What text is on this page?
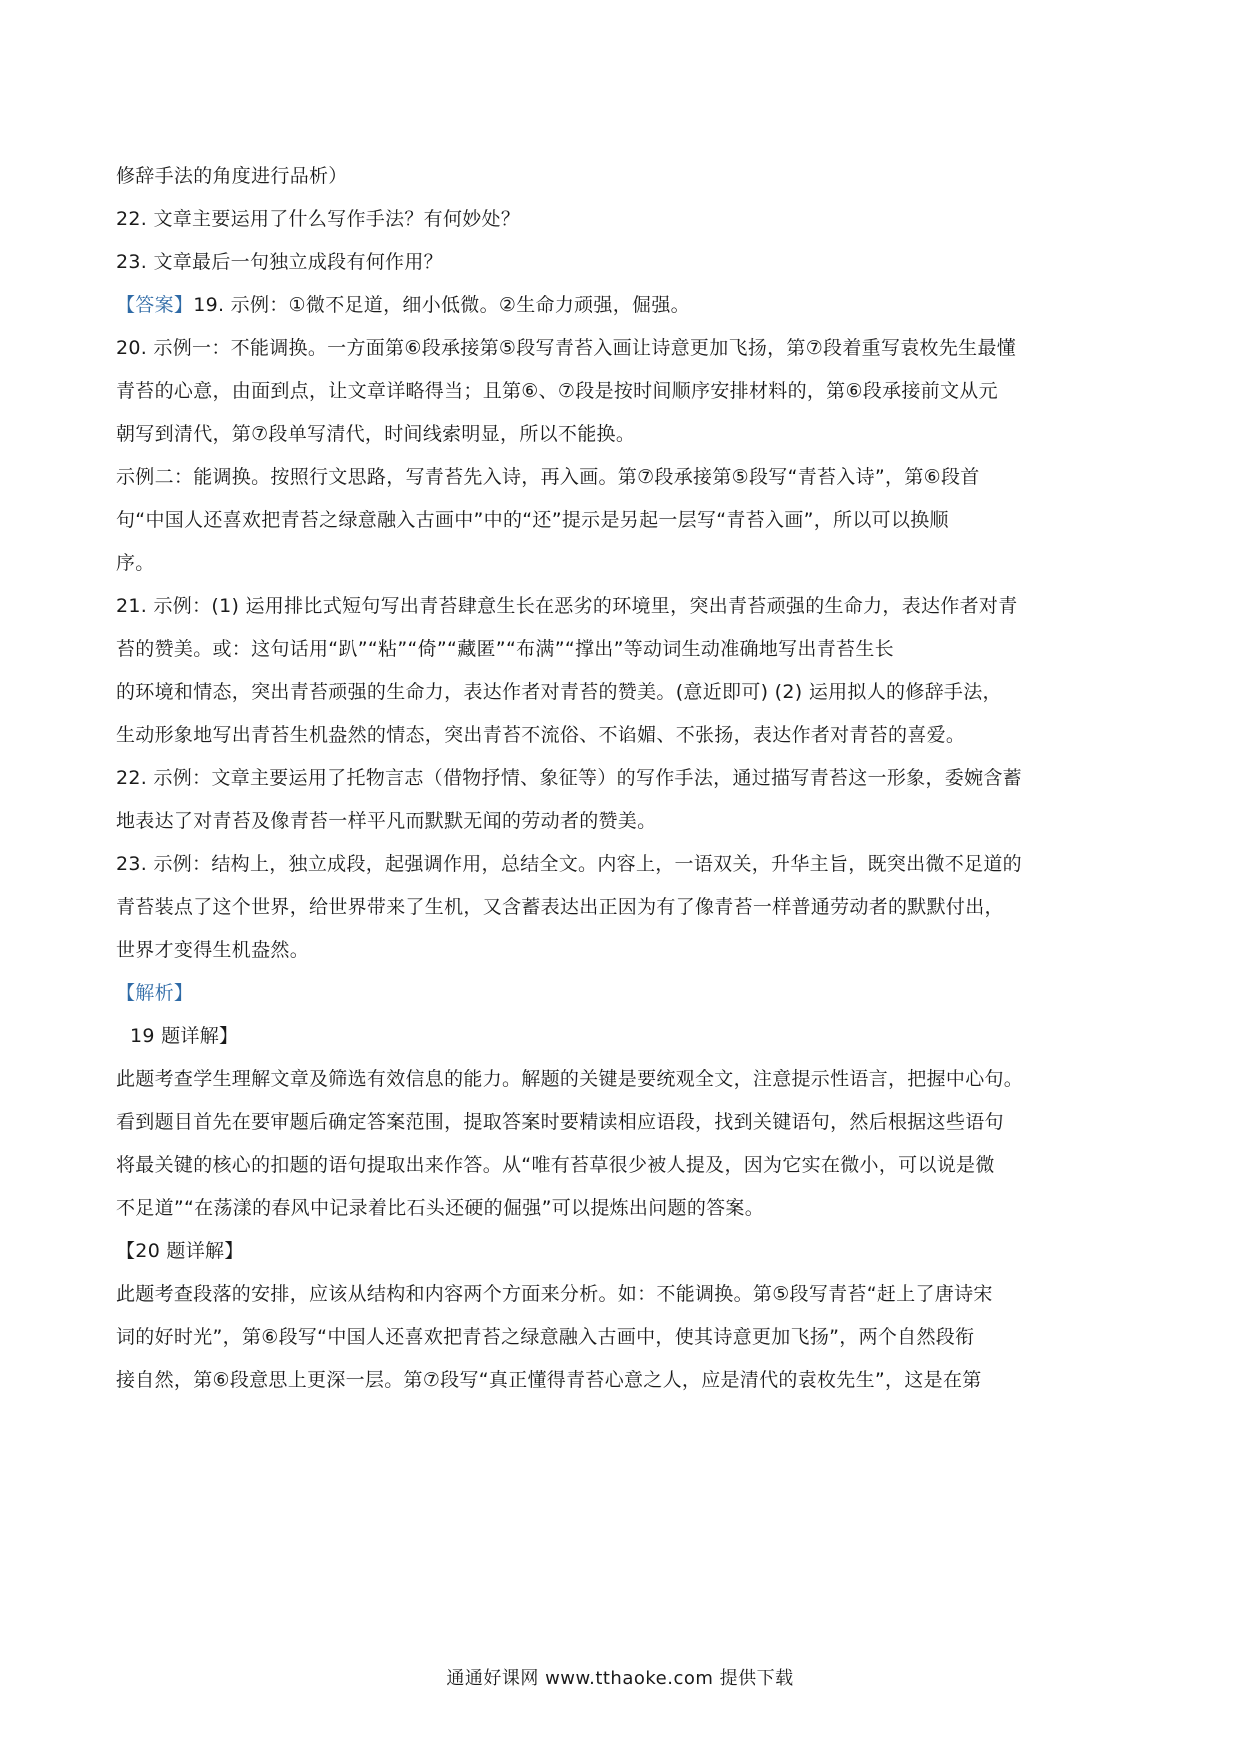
修辞手法的角度进行品析）
22. 文章主要运用了什么写作手法？有何妙处？
23. 文章最后一句独立成段有何作用？
【答案】19. 示例：①微不足道，细小低微。②生命力顽强，倔强。
20. 示例一：不能调换。一方面第⑥段承接第⑤段写青苔入画让诗意更加飞扬，第⑦段着重写袁枚先生最懂
青苔的心意，由面到点，让文章详略得当；且第⑥、⑦段是按时间顺序安排材料的，第⑥段承接前文从元
朝写到清代，第⑦段单写清代，时间线索明显，所以不能换。
示例二：能调换。按照行文思路，写青苔先入诗，再入画。第⑦段承接第⑤段写“青苔入诗”，第⑥段首
句“中国人还喜欢把青苔之绿意融入古画中”中的“还”提示是另起一层写“青苔入画”，所以可以换顺
序。
21. 示例：(1) 运用排比式短句写出青苔肆意生长在恶劣的环境里，突出青苔顽强的生命力，表达作者对青
苔的赞美。或：这句话用“趴”“粘”“倚”“藏匿”“布满”“撑出”等动词生动准确地写出青苔生长
的环境和情态，突出青苔顽强的生命力，表达作者对青苔的赞美。(意近即可) (2) 运用拟人的修辞手法，
生动形象地写出青苔生机盎然的情态，突出青苔不流俗、不谄媚、不张扬，表达作者对青苔的喜爱。
22. 示例：文章主要运用了托物言志（借物抒情、象征等）的写作手法，通过描写青苔这一形象，委婉含蓄
地表达了对青苔及像青苔一样平凡而默默无闻的劳动者的赞美。
23. 示例：结构上，独立成段，起强调作用，总结全文。内容上，一语双关，升华主旨，既突出微不足道的
青苔装点了这个世界，给世界带来了生机，又含蓄表达出正因为有了像青苔一样普通劳动者的默默付出，
世界才变得生机盎然。
【解析】
19 题详解】
此题考查学生理解文章及筛选有效信息的能力。解题的关键是要统观全文，注意提示性语言，把握中心句。
看到题目首先在要审题后确定答案范围，提取答案时要精读相应语段，找到关键语句，然后根据这些语句
将最关键的核心的扣题的语句提取出来作答。从“唯有苔草很少被人提及，因为它实在微小，可以说是微
不足道”“在荡漾的春风中记录着比石头还硬的倔强”可以提炼出问题的答案。
【20 题详解】
此题考查段落的安排，应该从结构和内容两个方面来分析。如：不能调换。第⑤段写青苔“赶上了唐诗宋
词的好时光”，第⑥段写“中国人还喜欢把青苔之绿意融入古画中，使其诗意更加飞扬”，两个自然段衔
接自然，第⑥段意思上更深一层。第⑦段写“真正懂得青苔心意之人，应是清代的袁枚先生”，这是在第
通通好课网 www.tthaoke.com 提供下载
